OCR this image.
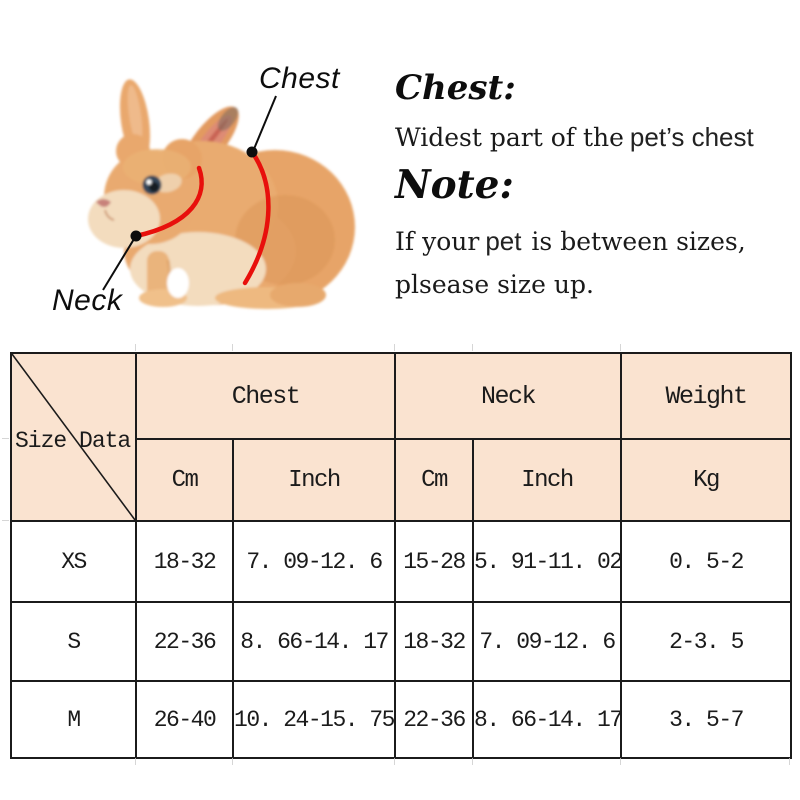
Chest
Neck
Chest:
Widest part of the pet’s chest
Note:
If your pet is between sizes,
plsease size up.
Size Data	Chest		Neck		Weight
	Cm	Inch	Cm	Inch	Kg
XS	18-32	7. 09-12. 6	15-28	5. 91-11. 02	0. 5-2
S	22-36	8. 66-14. 17	18-32	7. 09-12. 6	2-3. 5
M	26-40	10. 24-15. 75	22-36	8. 66-14. 17	3. 5-7
